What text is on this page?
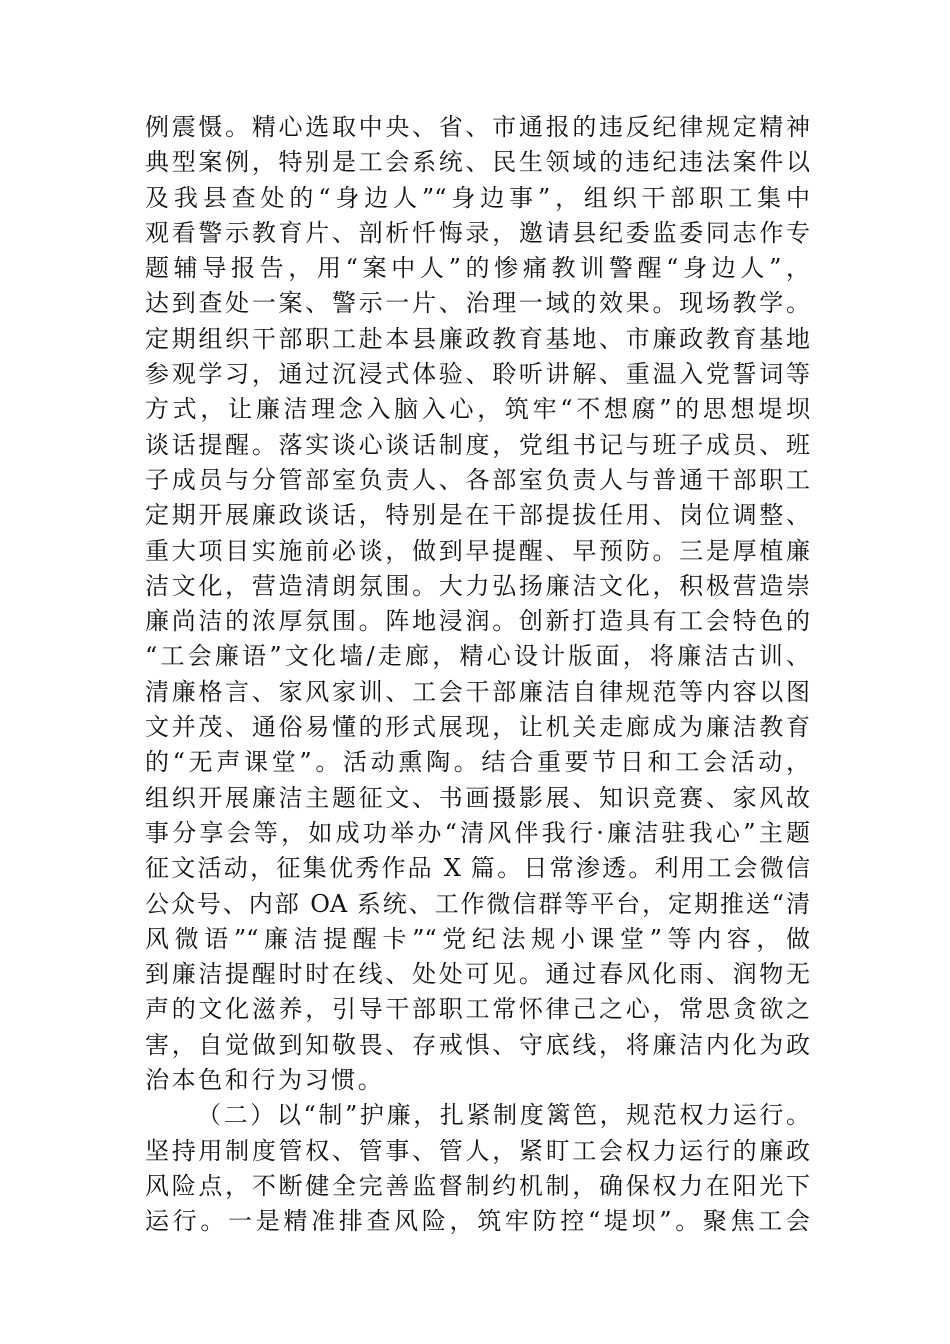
例震慑。精心选取中央、省、市通报的违反纪律规定精神
典型案例，特别是工会系统、民生领域的违纪违法案件以
及我县查处的“身边人”“身边事”，组织干部职工集中
观看警示教育片、剖析忏悔录，邀请县纪委监委同志作专
题辅导报告，用“案中人”的惨痛教训警醒“身边人”，
达到查处一案、警示一片、治理一域的效果。现场教学。
定期组织干部职工赴本县廉政教育基地、市廉政教育基地
参观学习，通过沉浸式体验、聆听讲解、重温入党誓词等
方式，让廉洁理念入脑入心，筑牢“不想腐”的思想堤坝
谈话提醒。落实谈心谈话制度，党组书记与班子成员、班
子成员与分管部室负责人、各部室负责人与普通干部职工
定期开展廉政谈话，特别是在干部提拔任用、岗位调整、
重大项目实施前必谈，做到早提醒、早预防。三是厚植廉
洁文化，营造清朗氛围。大力弘扬廉洁文化，积极营造崇
廉尚洁的浓厚氛围。阵地浸润。创新打造具有工会特色的
“工会廉语”文化墙/走廊，精心设计版面，将廉洁古训、
清廉格言、家风家训、工会干部廉洁自律规范等内容以图
文并茂、通俗易懂的形式展现，让机关走廊成为廉洁教育
的“无声课堂”。活动熏陶。结合重要节日和工会活动，
组织开展廉洁主题征文、书画摄影展、知识竞赛、家风故
事分享会等，如成功举办“清风伴我行·廉洁驻我心”主题
征文活动，征集优秀作品 X 篇。日常渗透。利用工会微信
公众号、内部 OA 系统、工作微信群等平台，定期推送“清
风微语”“廉洁提醒卡”“党纪法规小课堂”等内容，做
到廉洁提醒时时在线、处处可见。通过春风化雨、润物无
声的文化滋养，引导干部职工常怀律己之心，常思贪欲之
害，自觉做到知敬畏、存戒惧、守底线，将廉洁内化为政
治本色和行为习惯。
（二）以“制”护廉，扎紧制度篱笆，规范权力运行。
坚持用制度管权、管事、管人，紧盯工会权力运行的廉政
风险点，不断健全完善监督制约机制，确保权力在阳光下
运行。一是精准排查风险，筑牢防控“堤坝”。聚焦工会
